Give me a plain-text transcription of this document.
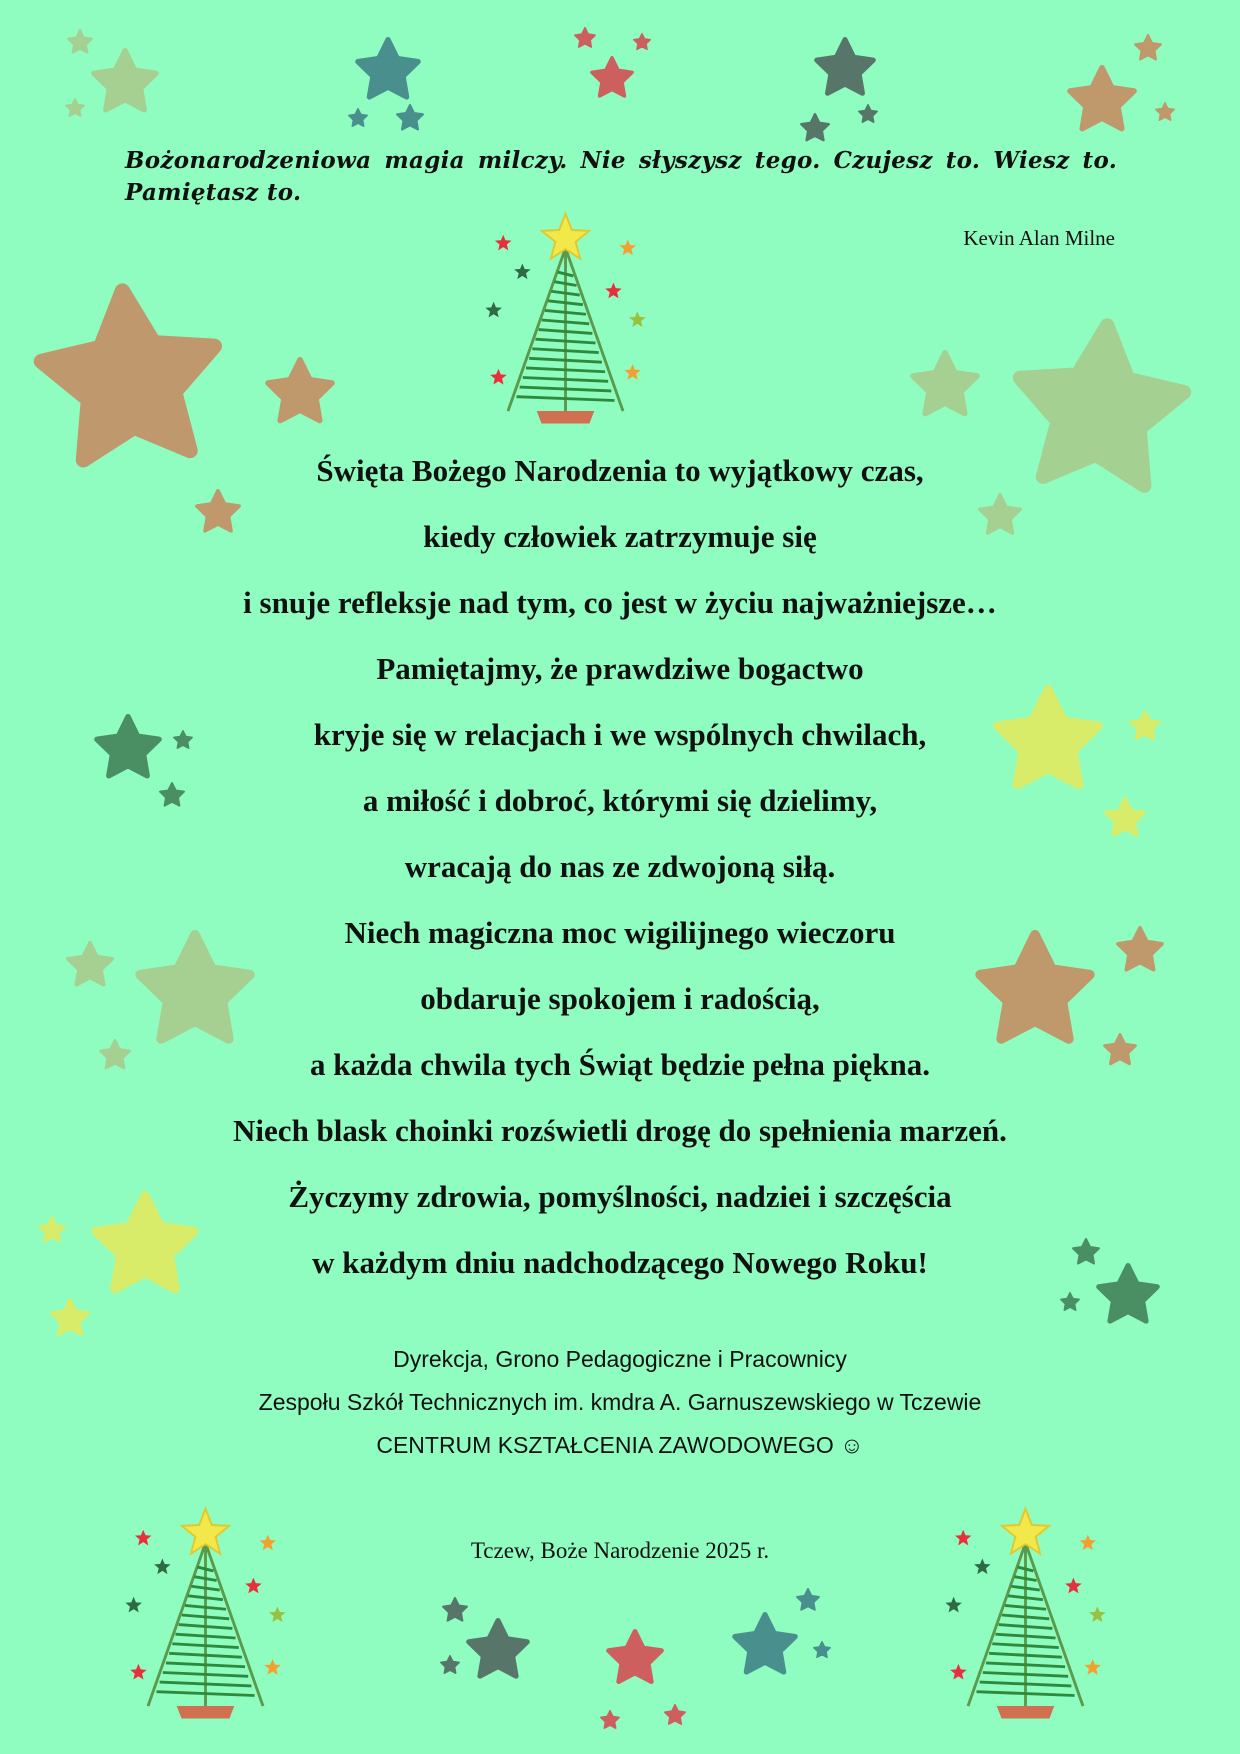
Bożonarodzeniowa magia milczy. Nie słyszysz tego. Czujesz to. Wiesz to. Pamiętasz to.
Kevin Alan Milne
Święta Bożego Narodzenia to wyjątkowy czas,
kiedy człowiek zatrzymuje się
i snuje refleksje nad tym, co jest w życiu najważniejsze…
Pamiętajmy, że prawdziwe bogactwo
kryje się w relacjach i we wspólnych chwilach,
a miłość i dobroć, którymi się dzielimy,
wracają do nas ze zdwojoną siłą.
Niech magiczna moc wigilijnego wieczoru
obdaruje spokojem i radością,
a każda chwila tych Świąt będzie pełna piękna.
Niech blask choinki rozświetli drogę do spełnienia marzeń.
Życzymy zdrowia, pomyślności, nadziei i szczęścia
w każdym dniu nadchodzącego Nowego Roku!
Dyrekcja, Grono Pedagogiczne i Pracownicy
Zespołu Szkół Technicznych im. kmdra A. Garnuszewskiego w Tczewie
CENTRUM KSZTAŁCENIA ZAWODOWEGO ☺
Tczew, Boże Narodzenie 2025 r.
